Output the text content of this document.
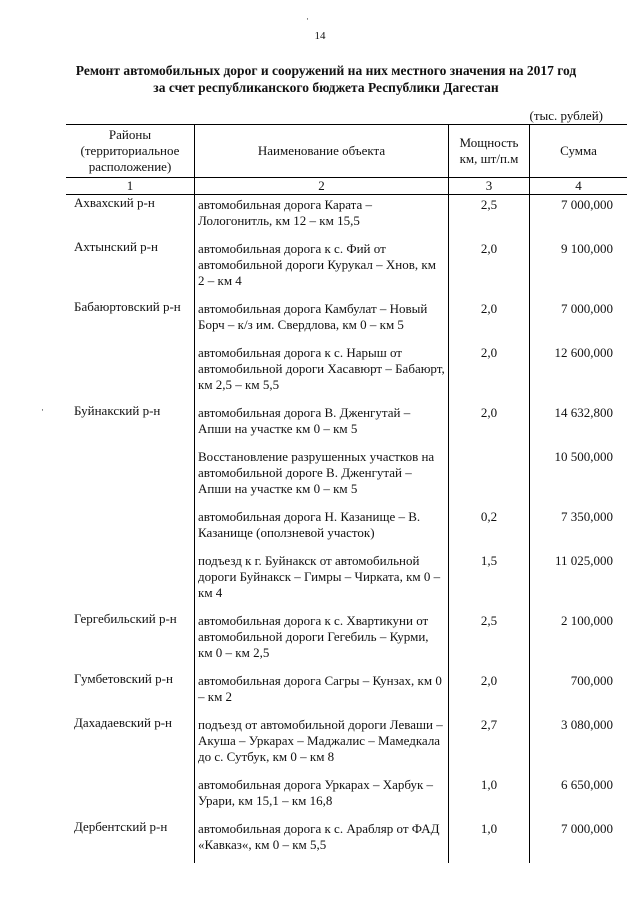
·
14
Ремонт автомобильных дорог и сооружений на них местного значения на 2017 год
за счет республиканского бюджета Республики Дагестан
(тыс. рублей)
Районы (территориальное расположение)	Наименование объекта	Мощность км, шт/п.м	Сумма
1	2	3	4
Ахвахский р-н	автомобильная дорога Карата – Лологонитль, км 12 – км 15,5	2,5	7 000,000
Ахтынский р-н	автомобильная дорога к с. Фий от автомобильной дороги Курукал – Хнов, км 2 – км 4	2,0	9 100,000
Бабаюртовский р-н	автомобильная дорога Камбулат – Новый Борч – к/з им. Свердлова, км 0 – км 5	2,0	7 000,000
	автомобильная дорога к с. Нарыш от автомобильной дороги Хасавюрт – Бабаюрт, км 2,5 – км 5,5	2,0	12 600,000
Буйнакский р-н	автомобильная дорога В. Дженгутай – Апши на участке км 0 – км 5	2,0	14 632,800
	Восстановление разрушенных участков на автомобильной дороге В. Дженгутай – Апши на участке км 0 – км 5		10 500,000
	автомобильная дорога Н. Казанище – В. Казанище (оползневой участок)	0,2	7 350,000
	подъезд к г. Буйнакск от автомобильной дороги Буйнакск – Гимры – Чирката, км 0 – км 4	1,5	11 025,000
Гергебильский р-н	автомобильная дорога к с. Хвартикуни от автомобильной дороги Гегебиль – Курми, км 0 – км 2,5	2,5	2 100,000
Гумбетовский р-н	автомобильная дорога Сагры – Кунзах, км 0 – км 2	2,0	700,000
Дахадаевский р-н	подъезд от автомобильной дороги Леваши – Акуша – Уркарах – Маджалис – Мамедкала до с. Сутбук, км 0 – км 8	2,7	3 080,000
	автомобильная дорога Уркарах – Харбук – Урари, км 15,1 – км 16,8	1,0	6 650,000
Дербентский р-н	автомобильная дорога к с. Арабляр от ФАД «Кавказ«, км 0 – км 5,5	1,0	7 000,000
·
